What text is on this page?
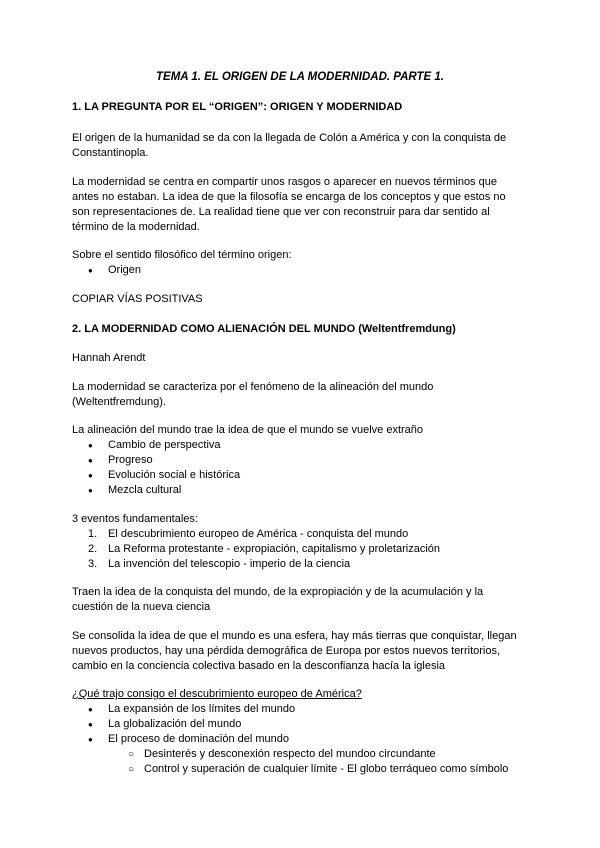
TEMA 1. EL ORIGEN DE LA MODERNIDAD. PARTE 1.

1. LA PREGUNTA POR EL “ORIGEN”: ORIGEN Y MODERNIDAD

El origen de la humanidad se da con la llegada de Colón a América y con la conquista de
Constantinopla.
La modernidad se centra en compartir unos rasgos o aparecer en nuevos términos que
antes no estaban. La idea de que la filosofía se encarga de los conceptos y que estos no
son representaciones de. La realidad tiene que ver con reconstruir para dar sentido al
término de la modernidad.
Sobre el sentido filosófico del término origen:
●
Origen
COPIAR VÍAS POSITIVAS

2. LA MODERNIDAD COMO ALIENACIÓN DEL MUNDO (Weltentfremdung)

Hannah Arendt
La modernidad se caracteriza por el fenómeno de la alineación del mundo
(Weltentfremdung).
La alineación del mundo trae la idea de que el mundo se vuelve extraño
●
Cambio de perspectiva
●
Progreso
●
Evolución social e histórica
●
Mezcla cultural
3 eventos fundamentales:
1. El descubrimiento europeo de América - conquista del mundo
2. La Reforma protestante - expropiación, capitalismo y proletarización
3. La invención del telescopio - imperio de la ciencia
Traen la idea de la conquista del mundo, de la expropiación y de la acumulación y la
cuestión de la nueva ciencia
Se consolida la idea de que el mundo es una esfera, hay más tierras que conquistar, llegan
nuevos productos, hay una pérdida demográfica de Europa por estos nuevos territorios,
cambio en la conciencia colectiva basado en la desconfianza hacía la iglesia
¿Qué trajo consigo el descubrimiento europeo de América?
●
La expansión de los límites del mundo
●
La globalización del mundo
●
El proceso de dominación del mundo
○ Desinterés y desconexión respecto del mundoo circundante
○ Control y superación de cualquier límite - El globo terráqueo como símbolo
